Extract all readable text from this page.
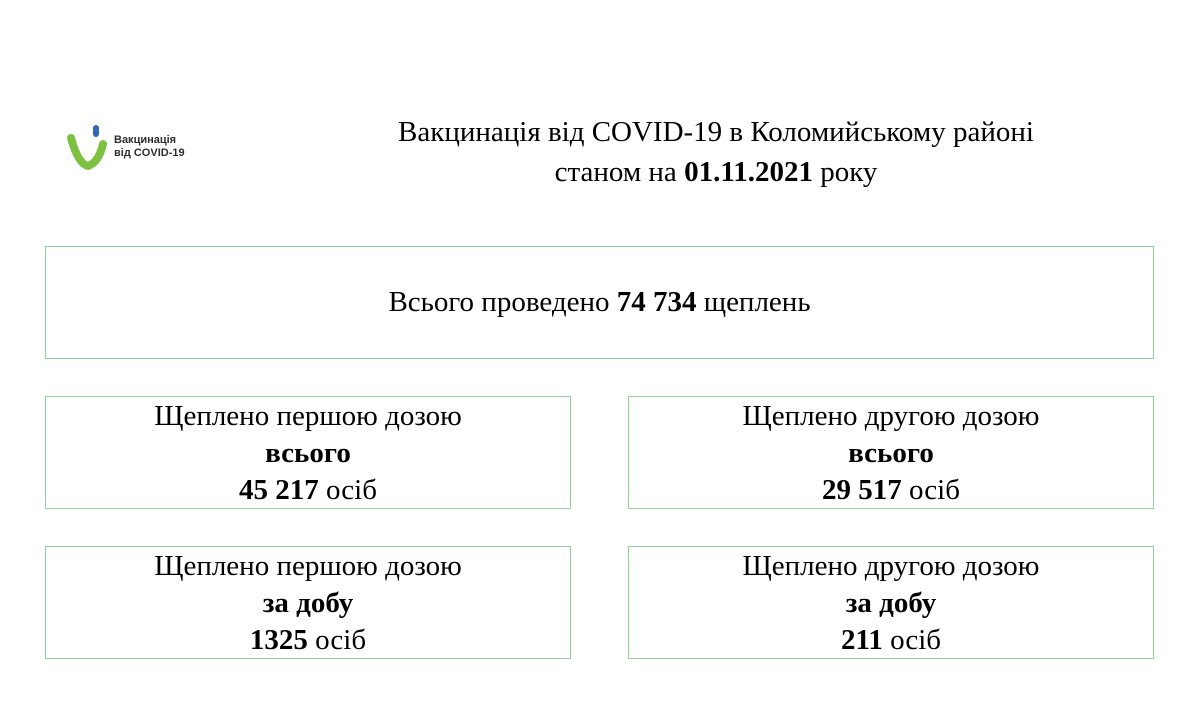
Вакцинація
від COVID-19
Вакцинація від COVID-19 в Коломийському районі
станом на 01.11.2021 року
Всього проведено 74 734 щеплень
Щеплено першою дозою
всього
45 217 осіб
Щеплено другою дозою
всього
29 517 осіб
Щеплено першою дозою
за добу
1325 осіб
Щеплено другою дозою
за добу
211 осіб
